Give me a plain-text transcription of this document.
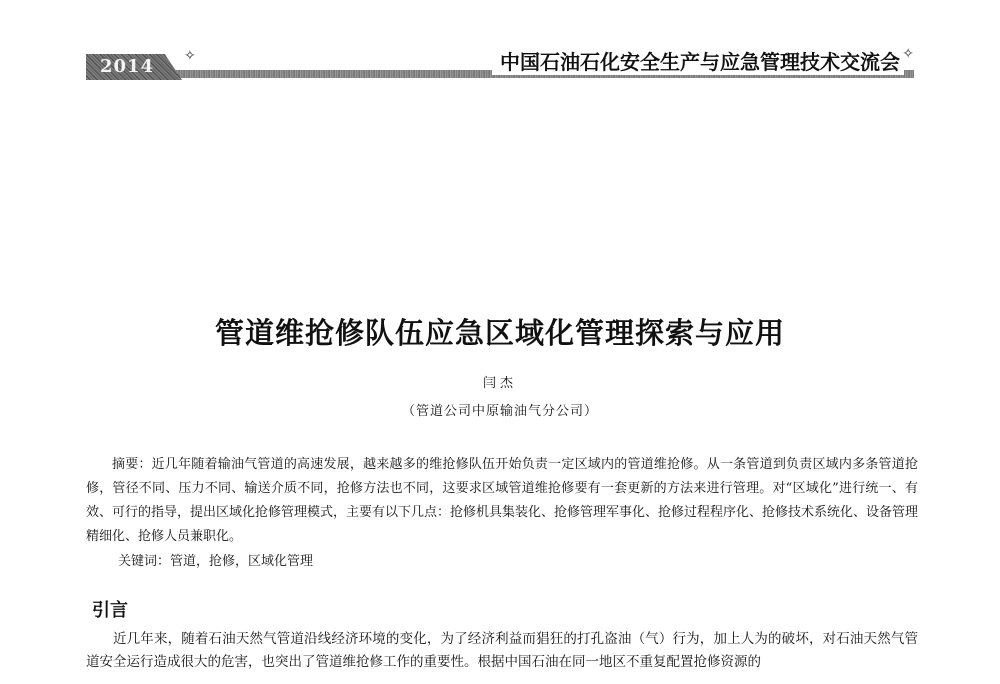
2014	中国石油石化安全生产与应急管理技术交流会
✧	✧
管道维抢修队伍应急区域化管理探索与应用
闫杰
（管道公司中原输油气分公司）

摘要：近几年随着输油气管道的高速发展，越来越多的维抢修队伍开始负责一定区域内的管道维抢修。从一条管道到负责区域内多条管道抢修，管径不同、压力不同、输送介质不同，抢修方法也不同，这要求区域管道维抢修要有一套更新的方法来进行管理。对“区域化”进行统一、有效、可行的指导，提出区域化抢修管理模式，主要有以下几点：抢修机具集装化、抢修管理军事化、抢修过程程序化、抢修技术系统化、设备管理精细化、抢修人员兼职化。

关键词：管道，抢修，区域化管理

引言

近几年来，随着石油天然气管道沿线经济环境的变化，为了经济利益而猖狂的打孔盗油（气）行为，加上人为的破坏，对石油天然气管道安全运行造成很大的危害，也突出了管道维抢修工作的重要性。根据中国石油在同一地区不重复配置抢修资源的
